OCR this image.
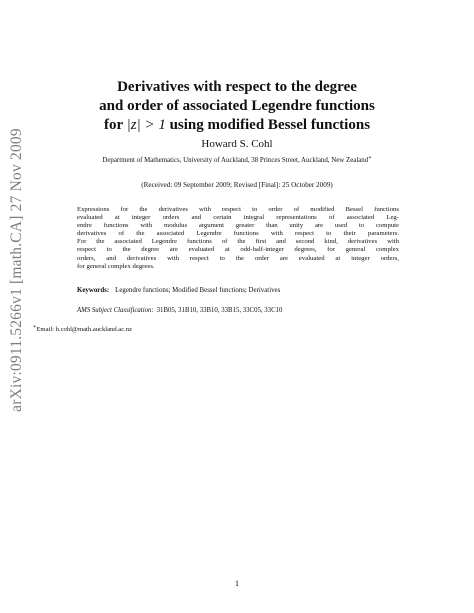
arXiv:0911.5266v1 [math.CA] 27 Nov 2009
Derivatives with respect to the degree
and order of associated Legendre functions
for |z| > 1 using modified Bessel functions
Howard S. Cohl
Department of Mathematics, University of Auckland, 38 Princes Street, Auckland, New Zealand∗
(Received: 09 September 2009; Revised [Final]: 25 October 2009)
Expressions for the derivatives with respect to order of modified Bessel functions
evaluated at integer orders and certain integral representations of associated Leg-
endre functions with modulus argument greater than unity are used to compute
derivatives of the associated Legendre functions with respect to their parameters.
For the associated Legendre functions of the first and second kind, derivatives with
respect to the degree are evaluated at odd-half-integer degrees, for general complex
orders, and derivatives with respect to the order are evaluated at integer orders,
for general complex degrees.
Keywords: Legendre functions; Modified Bessel functions; Derivatives
AMS Subject Classification: 31B05, 31B10, 33B10, 33B15, 33C05, 33C10
∗Email: h.cohl@math.auckland.ac.nz
1
